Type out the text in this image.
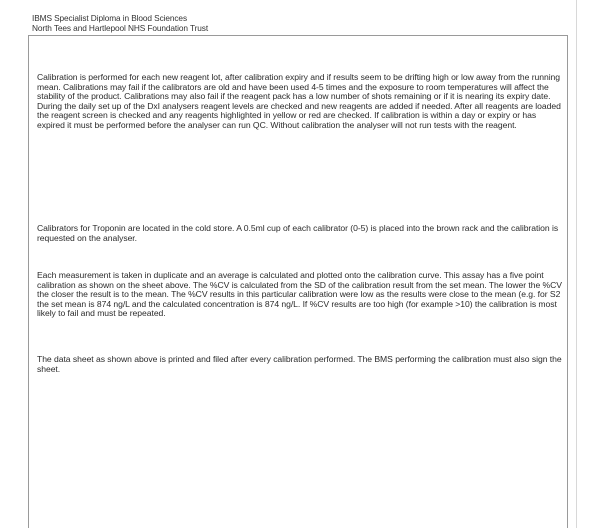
IBMS Specialist Diploma in Blood Sciences
North Tees and Hartlepool NHS Foundation Trust

Calibration is performed for each new reagent lot, after calibration expiry and if results seem to be drifting high or low away from the running mean. Calibrations may fail if the calibrators are old and have been used 4-5 times and the exposure to room temperatures will affect the stability of the product. Calibrations may also fail if the reagent pack has a low number of shots remaining or if it is nearing its expiry date. During the daily set up of the DxI analysers reagent levels are checked and new reagents are added if needed. After all reagents are loaded the reagent screen is checked and any reagents highlighted in yellow or red are checked. If calibration is within a day or expiry or has expired it must be performed before the analyser can run QC. Without calibration the analyser will not run tests with the reagent.

Calibrators for Troponin are located in the cold store. A 0.5ml cup of each calibrator (0-5) is placed into the brown rack and the calibration is requested on the analyser.

Each measurement is taken in duplicate and an average is calculated and plotted onto the calibration curve. This assay has a five point calibration as shown on the sheet above. The %CV is calculated from the SD of the calibration result from the set mean. The lower the %CV the closer the result is to the mean. The %CV results in this particular calibration were low as the results were close to the mean (e.g. for S2 the set mean is 874 ng/L and the calculated concentration is 874 ng/L. If %CV results are too high (for example >10) the calibration is most likely to fail and must be repeated.

The data sheet as shown above is printed and filed after every calibration performed. The BMS performing the calibration must also sign the sheet.
